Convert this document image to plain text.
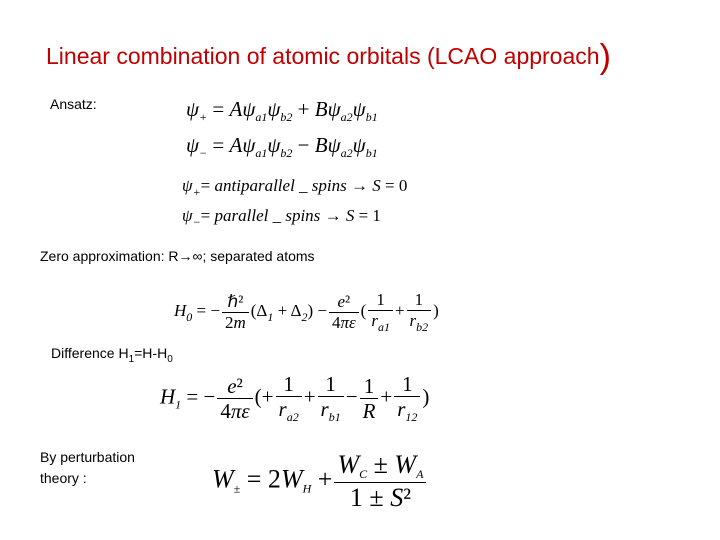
Linear combination of atomic orbitals (LCAO approach)
Ansatz:	$\psi_+ = A\psi_{a1}\psi_{b2} + B\psi_{a2}\psi_{b1}$
$\psi_- = A\psi_{a1}\psi_{b2} - B\psi_{a2}\psi_{b1}$
$\psi_+=$ antiparallel _ spins → S = 0
$\psi_-=$ parallel _ spins → S = 1
Zero approximation: R→∞; separated atoms
$H_0$ = − $\frac{\text{ℏ²}}{2m} (\Delta_1 + \Delta_2) - \frac{\text{e²}}{4\pi\varepsilon}$ ( $\frac{1}{r_{a1}} + \frac{1}{r_{b2}}$ )
Difference $H_1=H-H_0$
$H_1$ = − $\frac{\text{e²}}{4\pi\varepsilon}$ (+ $\frac{1}{r_{a2}} + \frac{1}{r_{b1}} - \frac{1}{R} + \frac{1}{r_{12}}$ )
By perturbation
theory :	$W_\pm = 2W_H + \frac{W_C \pm W_A}{\text{1 ± S²}}$
